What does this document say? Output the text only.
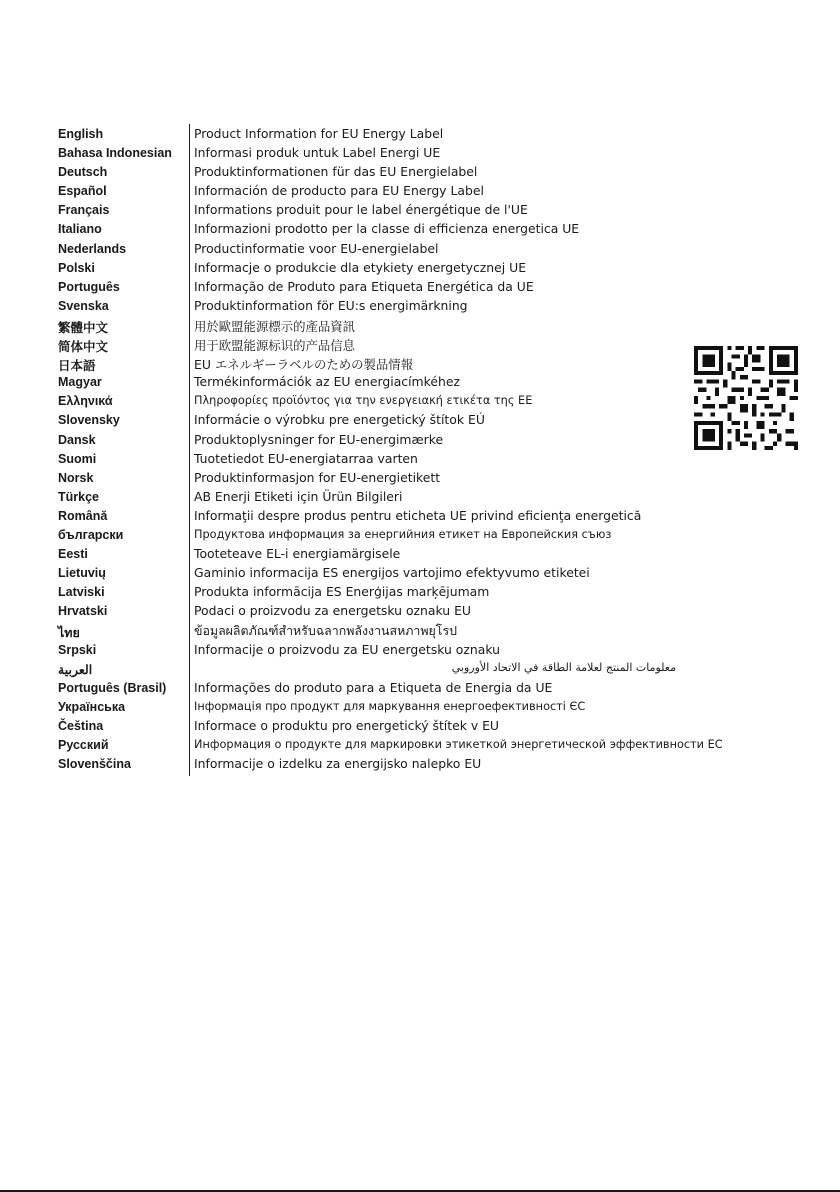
English	Product Information for EU Energy Label
Bahasa Indonesian	Informasi produk untuk Label Energi UE
Deutsch	Produktinformationen für das EU Energielabel
Español	Información de producto para EU Energy Label
Français	Informations produit pour le label énergétique de l'UE
Italiano	Informazioni prodotto per la classe di efficienza energetica UE
Nederlands	Productinformatie voor EU-energielabel
Polski	Informacje o produkcie dla etykiety energetycznej UE
Português	Informação de Produto para Etiqueta Energética da UE
Svenska	Produktinformation för EU:s energimärkning
繁體中文	用於歐盟能源標示的產品資訊
简体中文	用于欧盟能源标识的产品信息
日本語	EU エネルギーラベルのための製品情報
Magyar	Termékinformációk az EU energiacímkéhez
Ελληνικά	Πληροφορίες προϊόντος για την ενεργειακή ετικέτα της ΕΕ
Slovensky	Informácie o výrobku pre energetický štítok EÚ
Dansk	Produktoplysninger for EU-energimærke
Suomi	Tuotetiedot EU-energiatarraa varten
Norsk	Produktinformasjon for EU-energietikett
Türkçe	AB Enerji Etiketi için Ürün Bilgileri
Română	Informaţii despre produs pentru eticheta UE privind eficienţa energetică
български	Продуктова информация за енергийния етикет на Европейския съюз
Eesti	Tooteteave EL-i energiamärgisele
Lietuvių	Gaminio informacija ES energijos vartojimo efektyvumo etiketei
Latviski	Produkta informācija ES Enerģijas marķējumam
Hrvatski	Podaci o proizvodu za energetsku oznaku EU
ไทย	ข้อมูลผลิตภัณฑ์สำหรับฉลากพลังงานสหภาพยุโรป
Srpski	Informacije o proizvodu za EU energetsku oznaku
العربية	معلومات المنتج لعلامة الطاقة في الاتحاد الأوروبي
Português (Brasil)	Informações do produto para a Etiqueta de Energia da UE
Українська	Інформація про продукт для маркування енергоефективності ЄС
Čeština	Informace o produktu pro energetický štítek v EU
Русский	Информация о продукте для маркировки этикеткой энергетической эффективности ЕС
Slovenščina	Informacije o izdelku za energijsko nalepko EU
